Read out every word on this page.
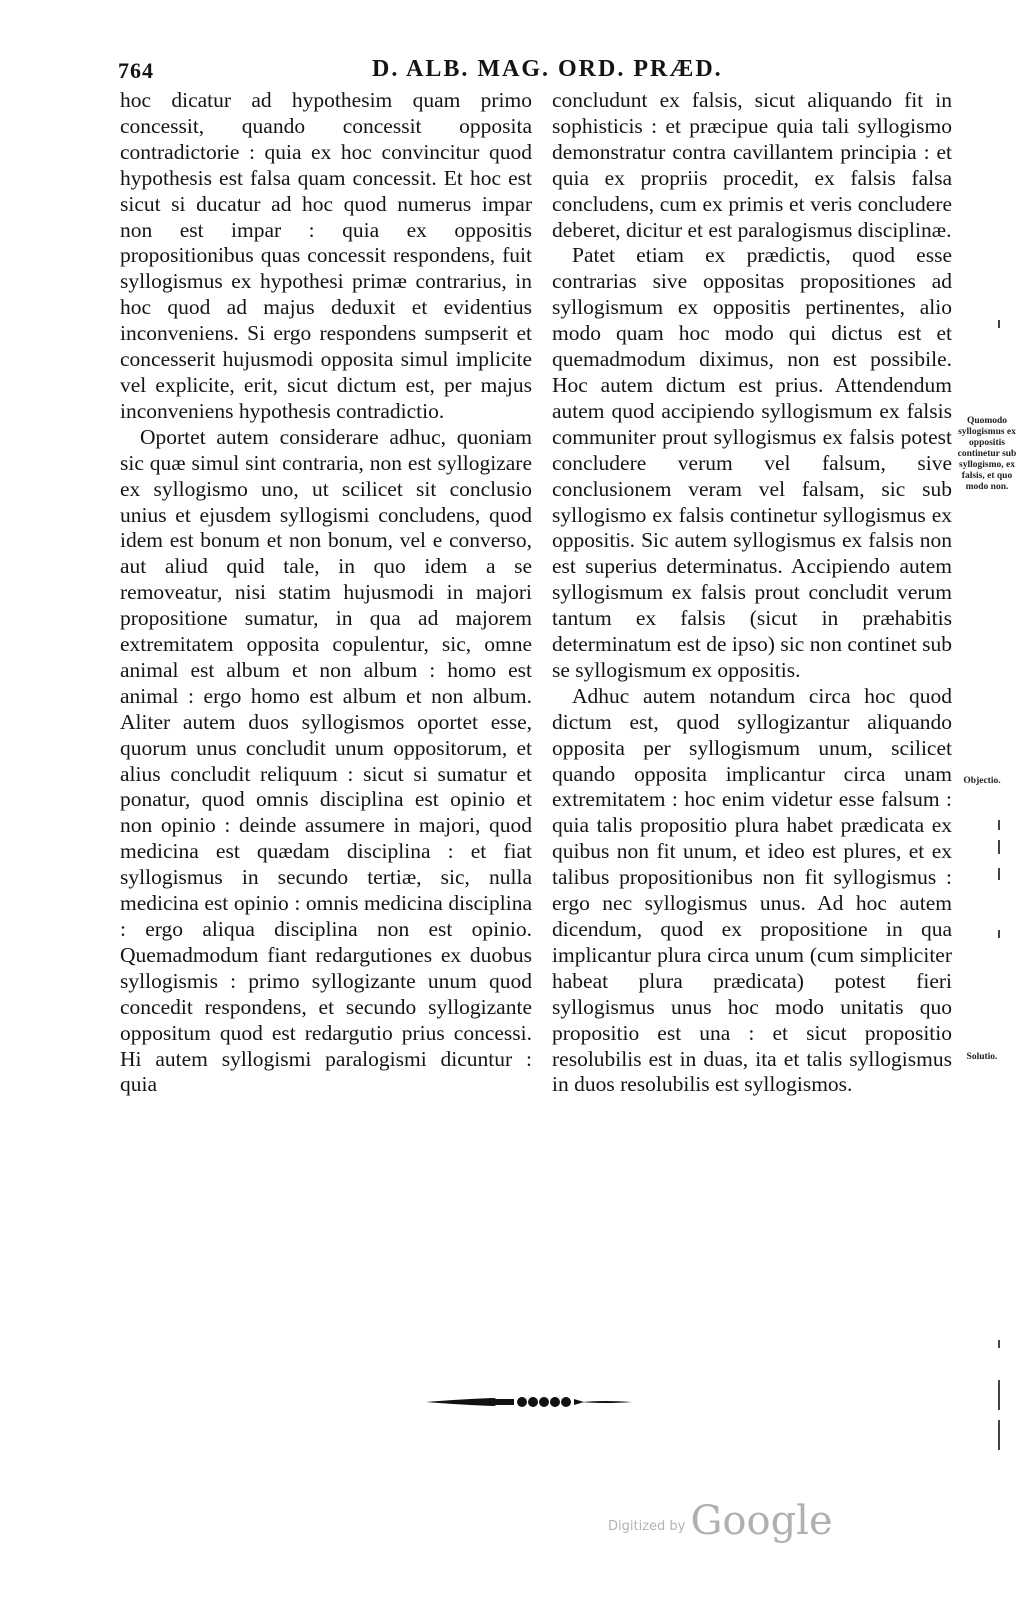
764	D. ALB. MAG. ORD. PRÆD.

hoc dicatur ad hypothesim quam primo concessit, quando concessit opposita contradictorie : quia ex hoc convincitur quod hypothesis est falsa quam concessit. Et hoc est sicut si ducatur ad hoc quod numerus impar non est impar : quia ex oppositis propositionibus quas concessit respondens, fuit syllogismus ex hypothesi primæ contrarius, in hoc quod ad majus deduxit et evidentius inconveniens. Si ergo respondens sumpserit et concesserit hujusmodi opposita simul implicite vel explicite, erit, sicut dictum est, per majus inconveniens hypothesis contradictio.

Oportet autem considerare adhuc, quoniam sic quæ simul sint contraria, non est syllogizare ex syllogismo uno, ut scilicet sit conclusio unius et ejusdem syllogismi concludens, quod idem est bonum et non bonum, vel e converso, aut aliud quid tale, in quo idem a se removeatur, nisi statim hujusmodi in majori propositione sumatur, in qua ad majorem extremitatem opposita copulentur, sic, omne animal est album et non album : homo est animal : ergo homo est album et non album. Aliter autem duos syllogismos oportet esse, quorum unus concludit unum oppositorum, et alius concludit reliquum : sicut si sumatur et ponatur, quod omnis disciplina est opinio et non opinio : deinde assumere in majori, quod medicina est quædam disciplina : et fiat syllogismus in secundo tertiæ, sic, nulla medicina est opinio : omnis medicina disciplina : ergo aliqua disciplina non est opinio. Quemadmodum fiant redargutiones ex duobus syllogismis : primo syllogizante unum quod concedit respondens, et secundo syllogizante oppositum quod est redargutio prius concessi. Hi autem syllogismi paralogismi dicuntur : quia

concludunt ex falsis, sicut aliquando fit in sophisticis : et præcipue quia tali syllogismo demonstratur contra cavillantem principia : et quia ex propriis procedit, ex falsis falsa concludens, cum ex primis et veris concludere deberet, dicitur et est paralogismus disciplinæ.

Patet etiam ex prædictis, quod esse contrarias sive oppositas propositiones ad syllogismum ex oppositis pertinentes, alio modo quam hoc modo qui dictus est et quemadmodum diximus, non est possibile. Hoc autem dictum est prius. Attendendum autem quod accipiendo syllogismum ex falsis communiter prout syllogismus ex falsis potest concludere verum vel falsum, sive conclusionem veram vel falsam, sic sub syllogismo ex falsis continetur syllogismus ex oppositis. Sic autem syllogismus ex falsis non est superius determinatus. Accipiendo autem syllogismum ex falsis prout concludit verum tantum ex falsis (sicut in præhabitis determinatum est de ipso) sic non continet sub se syllogismum ex oppositis.

Adhuc autem notandum circa hoc quod dictum est, quod syllogizantur aliquando opposita per syllogismum unum, scilicet quando opposita implicantur circa unam extremitatem : hoc enim videtur esse falsum : quia talis propositio plura habet prædicata ex quibus non fit unum, et ideo est plures, et ex talibus propositionibus non fit syllogismus : ergo nec syllogismus unus. Ad hoc autem dicendum, quod ex propositione in qua implicantur plura circa unum (cum simpliciter habeat plura prædicata) potest fieri syllogismus unus hoc modo unitatis quo propositio est una : et sicut propositio resolubilis est in duas, ita et talis syllogismus in duos resolubilis est syllogismos.

Quomodo syllogismus ex oppositis continetur sub syllogismo, ex falsis, et quo modo non.
Objectio.
Solutio.
$^{Digitized by}$ Google
